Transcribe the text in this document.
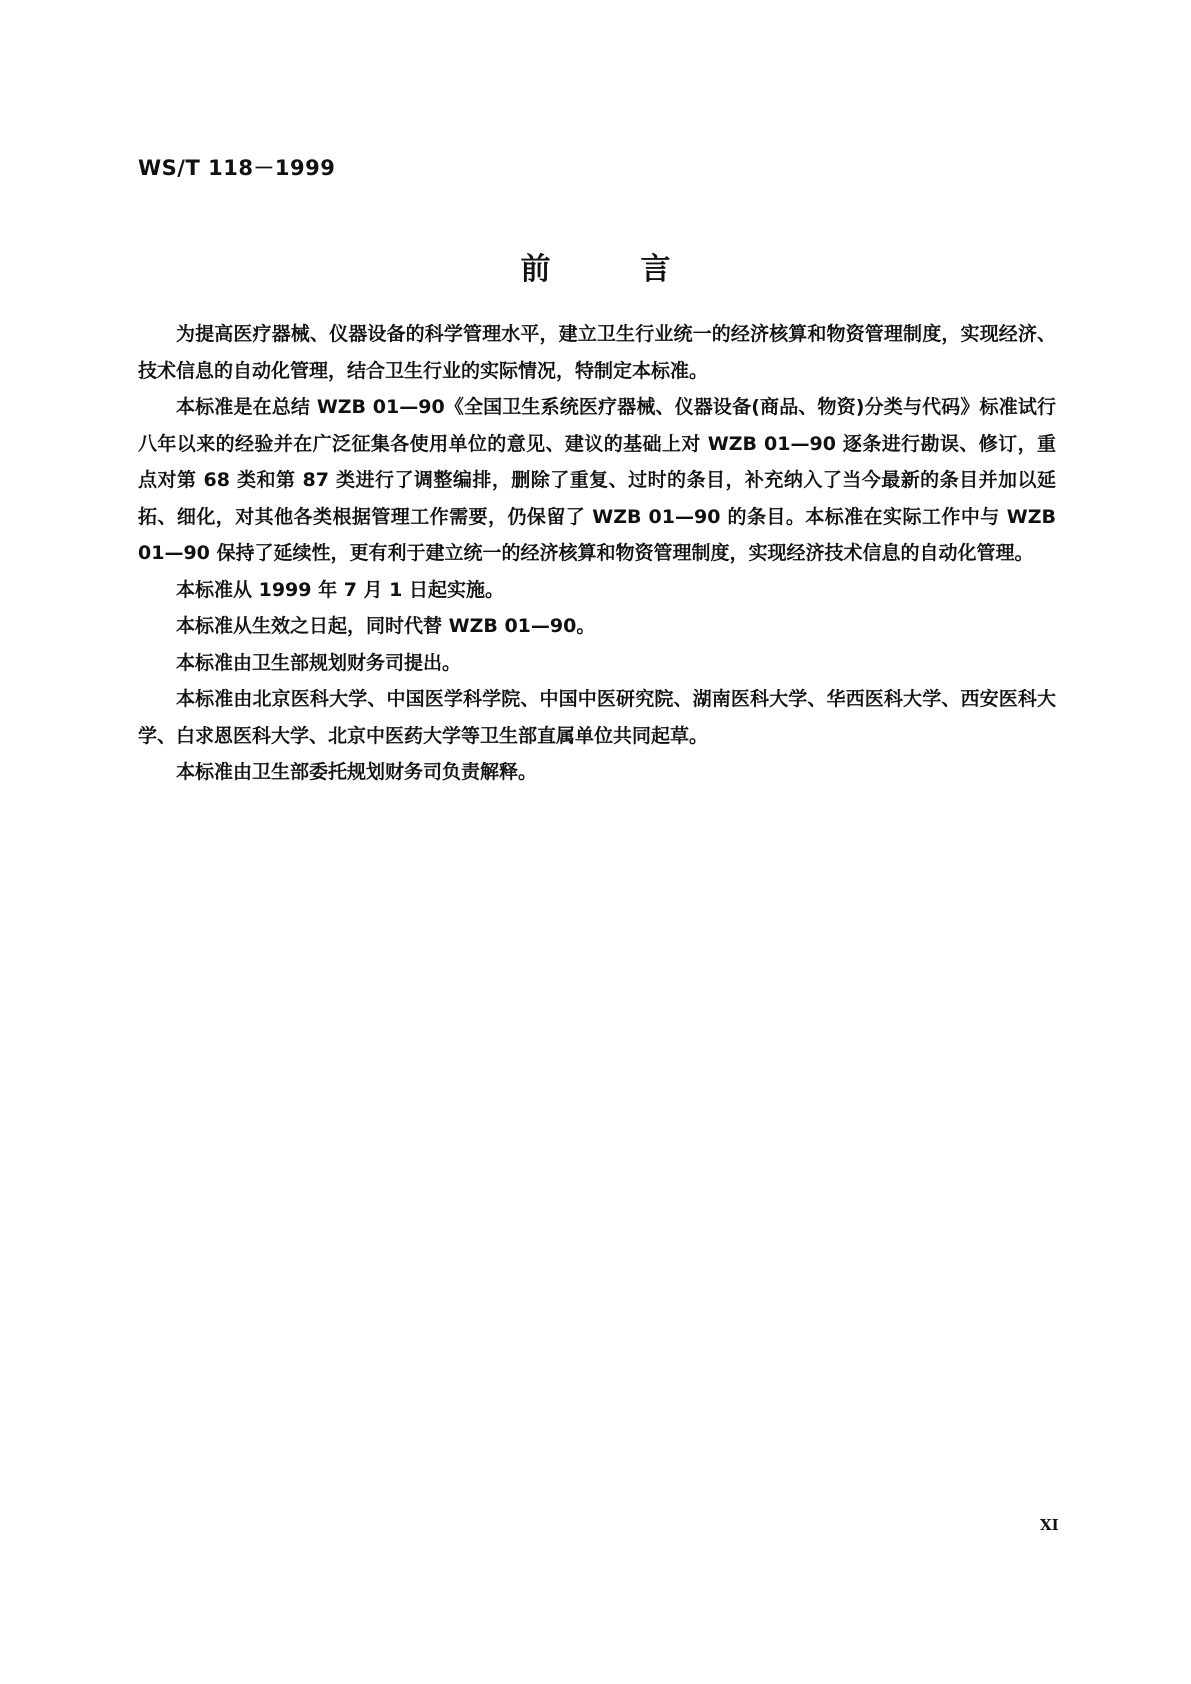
WS/T 118－1999
前	言

为提高医疗器械、仪器设备的科学管理水平，建立卫生行业统一的经济核算和物资管理制度，实现经济、技术信息的自动化管理，结合卫生行业的实际情况，特制定本标准。

本标准是在总结 WZB 01—90《全国卫生系统医疗器械、仪器设备(商品、物资)分类与代码》标准试行八年以来的经验并在广泛征集各使用单位的意见、建议的基础上对 WZB 01—90 逐条进行勘误、修订，重点对第 68 类和第 87 类进行了调整编排，删除了重复、过时的条目，补充纳入了当今最新的条目并加以延拓、细化，对其他各类根据管理工作需要，仍保留了 WZB 01—90 的条目。本标准在实际工作中与 WZB 01—90 保持了延续性，更有利于建立统一的经济核算和物资管理制度，实现经济技术信息的自动化管理。

本标准从 1999 年 7 月 1 日起实施。

本标准从生效之日起，同时代替 WZB 01—90。

本标准由卫生部规划财务司提出。

本标准由北京医科大学、中国医学科学院、中国中医研究院、湖南医科大学、华西医科大学、西安医科大学、白求恩医科大学、北京中医药大学等卫生部直属单位共同起草。

本标准由卫生部委托规划财务司负责解释。

XI
